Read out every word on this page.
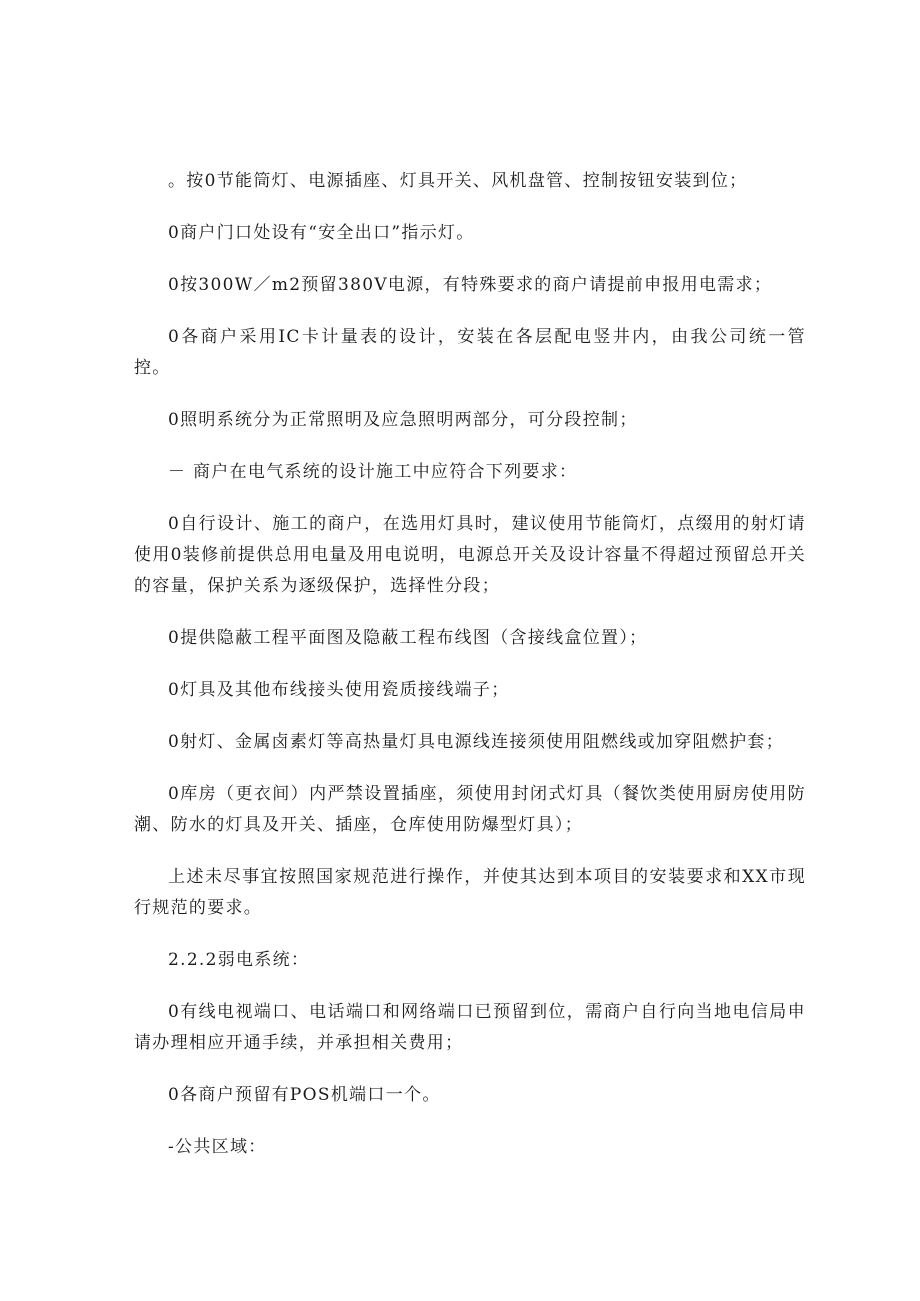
。按0节能筒灯、电源插座、灯具开关、风机盘管、控制按钮安装到位；

0商户门口处设有“安全出口”指示灯。

0按300W／m2预留380V电源，有特殊要求的商户请提前申报用电需求；

0各商户采用IC卡计量表的设计，安装在各层配电竖井内，由我公司统一管控。

0照明系统分为正常照明及应急照明两部分，可分段控制；

－ 商户在电气系统的设计施工中应符合下列要求：

0自行设计、施工的商户，在选用灯具时，建议使用节能筒灯，点缀用的射灯请使用0装修前提供总用电量及用电说明，电源总开关及设计容量不得超过预留总开关的容量，保护关系为逐级保护，选择性分段；

0提供隐蔽工程平面图及隐蔽工程布线图（含接线盒位置）；

0灯具及其他布线接头使用瓷质接线端子；

0射灯、金属卤素灯等高热量灯具电源线连接须使用阻燃线或加穿阻燃护套；

0库房（更衣间）内严禁设置插座，须使用封闭式灯具（餐饮类使用厨房使用防潮、防水的灯具及开关、插座，仓库使用防爆型灯具）；

上述未尽事宜按照国家规范进行操作，并使其达到本项目的安装要求和XX市现行规范的要求。

2.2.2弱电系统：

0有线电视端口、电话端口和网络端口已预留到位，需商户自行向当地电信局申请办理相应开通手续，并承担相关费用；

0各商户预留有POS机端口一个。

-公共区域：
